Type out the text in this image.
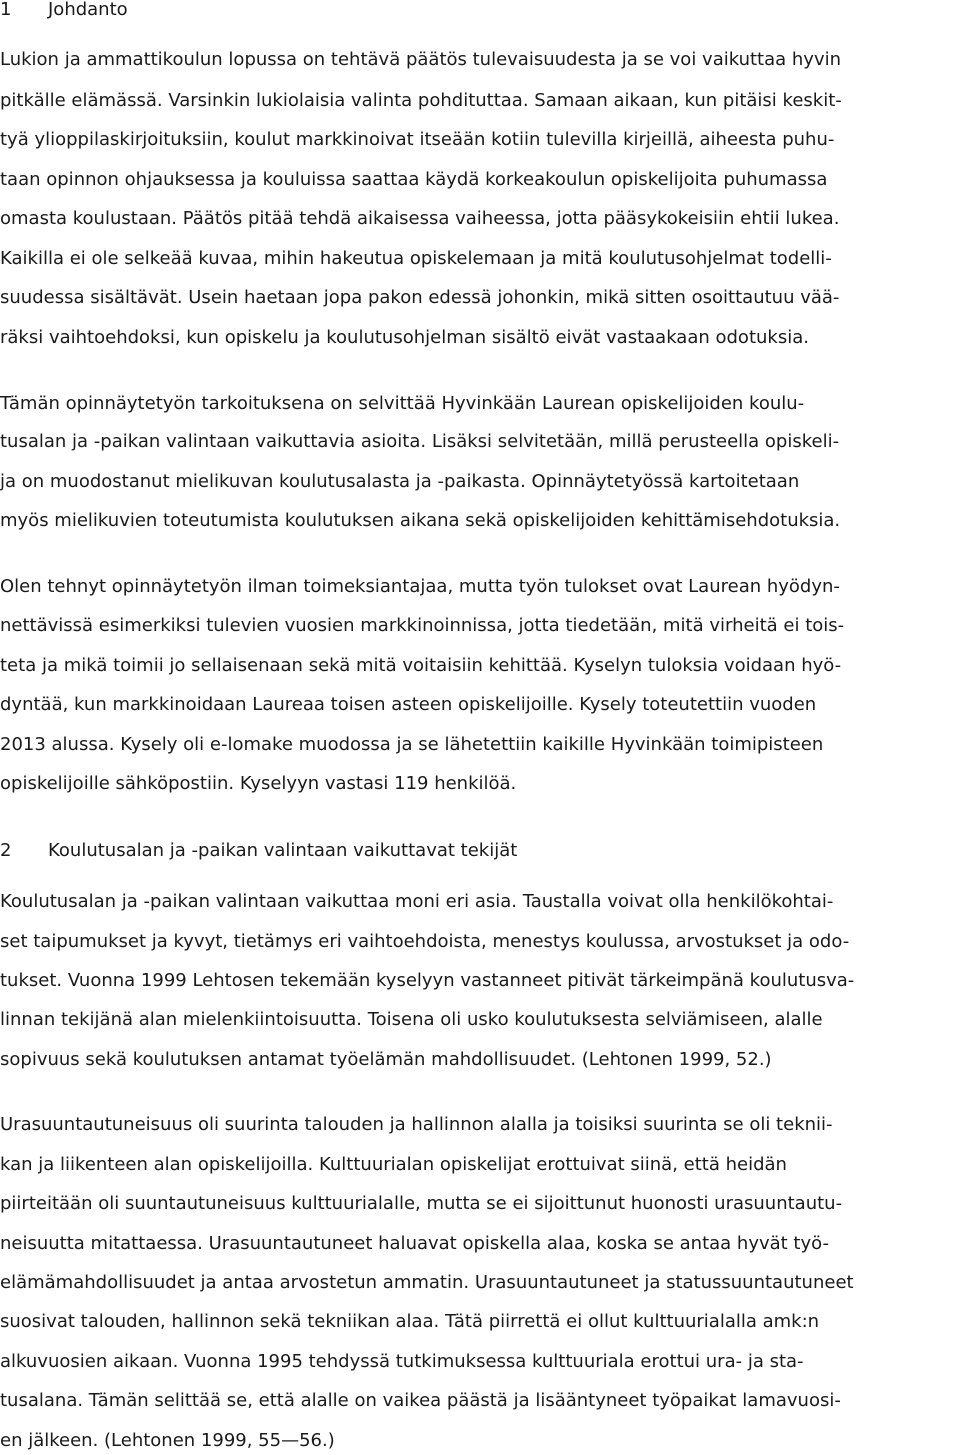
1 Johdanto
Lukion ja ammattikoulun lopussa on tehtävä päätös tulevaisuudesta ja se voi vaikuttaa hyvin
pitkälle elämässä. Varsinkin lukiolaisia valinta pohdituttaa. Samaan aikaan, kun pitäisi keskit-
tyä ylioppilaskirjoituksiin, koulut markkinoivat itseään kotiin tulevilla kirjeillä, aiheesta puhu-
taan opinnon ohjauksessa ja kouluissa saattaa käydä korkeakoulun opiskelijoita puhumassa
omasta koulustaan. Päätös pitää tehdä aikaisessa vaiheessa, jotta pääsykokeisiin ehtii lukea.
Kaikilla ei ole selkeää kuvaa, mihin hakeutua opiskelemaan ja mitä koulutusohjelmat todelli-
suudessa sisältävät. Usein haetaan jopa pakon edessä johonkin, mikä sitten osoittautuu vää-
räksi vaihtoehdoksi, kun opiskelu ja koulutusohjelman sisältö eivät vastaakaan odotuksia.
Tämän opinnäytetyön tarkoituksena on selvittää Hyvinkään Laurean opiskelijoiden koulu-
tusalan ja -paikan valintaan vaikuttavia asioita. Lisäksi selvitetään, millä perusteella opiskeli-
ja on muodostanut mielikuvan koulutusalasta ja -paikasta. Opinnäytetyössä kartoitetaan
myös mielikuvien toteutumista koulutuksen aikana sekä opiskelijoiden kehittämisehdotuksia.
Olen tehnyt opinnäytetyön ilman toimeksiantajaa, mutta työn tulokset ovat Laurean hyödyn-
nettävissä esimerkiksi tulevien vuosien markkinoinnissa, jotta tiedetään, mitä virheitä ei tois-
teta ja mikä toimii jo sellaisenaan sekä mitä voitaisiin kehittää. Kyselyn tuloksia voidaan hyö-
dyntää, kun markkinoidaan Laureaa toisen asteen opiskelijoille. Kysely toteutettiin vuoden
2013 alussa. Kysely oli e-lomake muodossa ja se lähetettiin kaikille Hyvinkään toimipisteen
opiskelijoille sähköpostiin. Kyselyyn vastasi 119 henkilöä.
2 Koulutusalan ja -paikan valintaan vaikuttavat tekijät
Koulutusalan ja -paikan valintaan vaikuttaa moni eri asia. Taustalla voivat olla henkilökohtai-
set taipumukset ja kyvyt, tietämys eri vaihtoehdoista, menestys koulussa, arvostukset ja odo-
tukset. Vuonna 1999 Lehtosen tekemään kyselyyn vastanneet pitivät tärkeimpänä koulutusva-
linnan tekijänä alan mielenkiintoisuutta. Toisena oli usko koulutuksesta selviämiseen, alalle
sopivuus sekä koulutuksen antamat työelämän mahdollisuudet. (Lehtonen 1999, 52.)
Urasuuntautuneisuus oli suurinta talouden ja hallinnon alalla ja toisiksi suurinta se oli teknii-
kan ja liikenteen alan opiskelijoilla. Kulttuurialan opiskelijat erottuivat siinä, että heidän
piirteitään oli suuntautuneisuus kulttuurialalle, mutta se ei sijoittunut huonosti urasuuntautu-
neisuutta mitattaessa. Urasuuntautuneet haluavat opiskella alaa, koska se antaa hyvät työ-
elämämahdollisuudet ja antaa arvostetun ammatin. Urasuuntautuneet ja statussuuntautuneet
suosivat talouden, hallinnon sekä tekniikan alaa. Tätä piirrettä ei ollut kulttuurialalla amk:n
alkuvuosien aikaan. Vuonna 1995 tehdyssä tutkimuksessa kulttuuriala erottui ura- ja sta-
tusalana. Tämän selittää se, että alalle on vaikea päästä ja lisääntyneet työpaikat lamavuosi-
en jälkeen. (Lehtonen 1999, 55—56.)
